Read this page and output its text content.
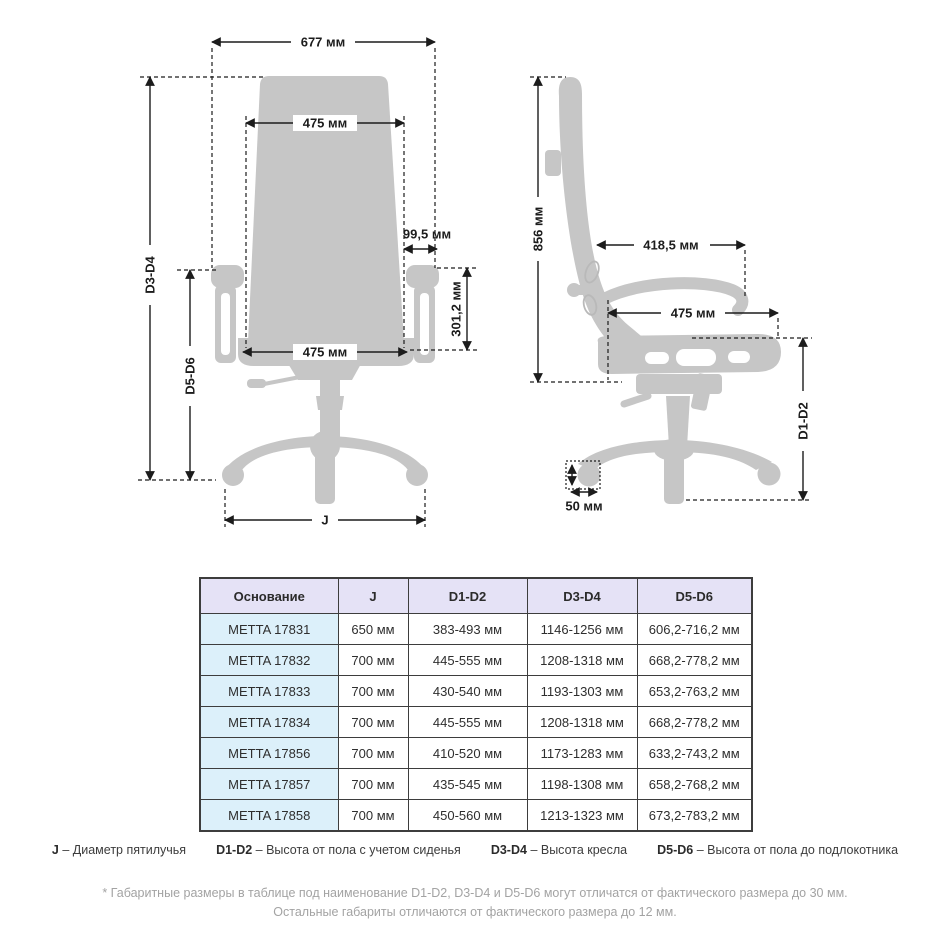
677 мм
475 мм
99,5 мм
475 мм
J
D3-D4
D5-D6
301,2 мм
856 мм	418,5 мм
475 мм
D1-D2
50 мм
Основание	J	D1-D2	D3-D4	D5-D6
METTA 17831	650 мм	383-493 мм	1146-1256 мм	606,2-716,2 мм
METTA 17832	700 мм	445-555 мм	1208-1318 мм	668,2-778,2 мм
METTA 17833	700 мм	430-540 мм	1193-1303 мм	653,2-763,2 мм
METTA 17834	700 мм	445-555 мм	1208-1318 мм	668,2-778,2 мм
METTA 17856	700 мм	410-520 мм	1173-1283 мм	633,2-743,2 мм
METTA 17857	700 мм	435-545 мм	1198-1308 мм	658,2-768,2 мм
METTA 17858	700 мм	450-560 мм	1213-1323 мм	673,2-783,2 мм
J – Диаметр пятилучья D1-D2 – Высота от пола с учетом сиденья D3-D4 – Высота кресла D5-D6 – Высота от пола до подлокотника
* Габаритные размеры в таблице под наименование D1-D2, D3-D4 и D5-D6 могут отличатся от фактического размера до 30 мм.
Остальные габариты отличаются от фактического размера до 12 мм.
